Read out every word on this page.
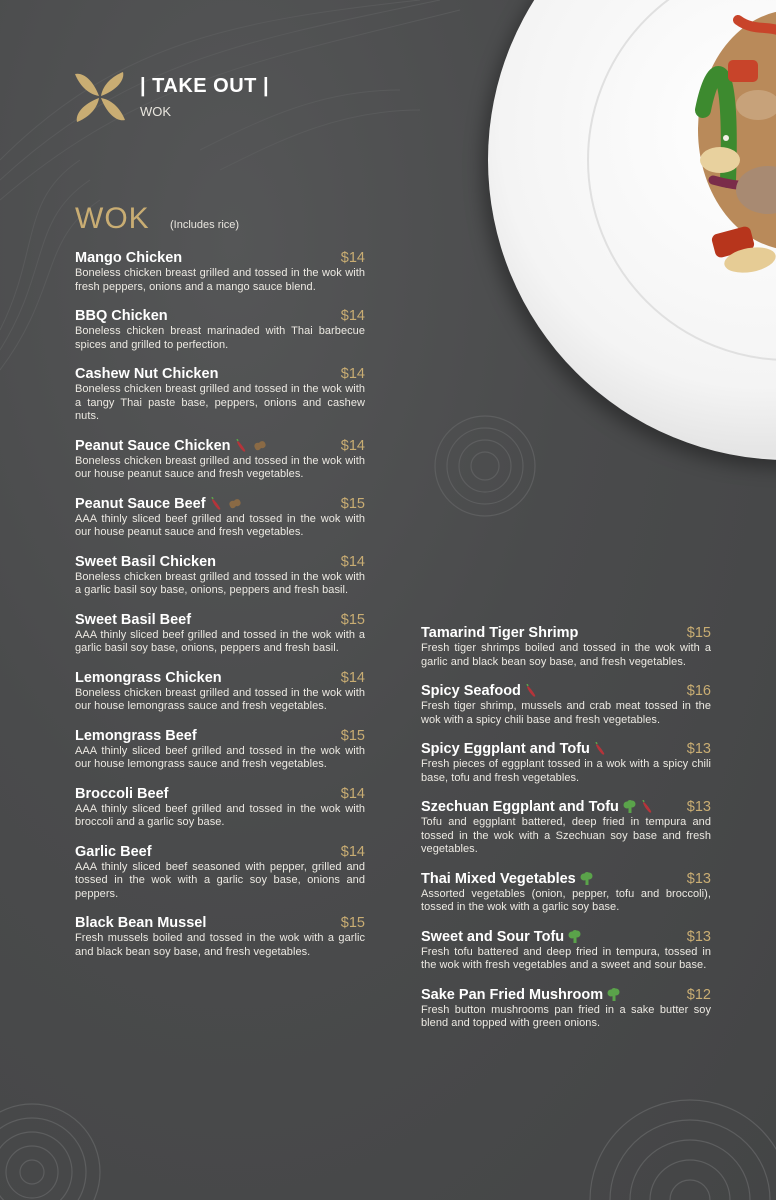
| TAKE OUT |
WOK
WOK (Includes rice)
Mango Chicken	$14
Boneless chicken breast grilled and tossed in the wok with fresh peppers, onions and a mango sauce blend.
BBQ Chicken	$14
Boneless chicken breast marinaded with Thai barbecue spices and grilled to perfection.
Cashew Nut Chicken	$14
Boneless chicken breast grilled and tossed in the wok with a tangy Thai paste base, peppers, onions and cashew nuts.
Peanut Sauce Chicken	$14
Boneless chicken breast grilled and tossed in the wok with our house peanut sauce and fresh vegetables.
Peanut Sauce Beef	$15
AAA thinly sliced beef grilled and tossed in the wok with our house peanut sauce and fresh vegetables.
Sweet Basil Chicken	$14
Boneless chicken breast grilled and tossed in the wok with a garlic basil soy base, onions, peppers and fresh basil.
Sweet Basil Beef	$15
AAA thinly sliced beef grilled and tossed in the wok with a garlic basil soy base, onions, peppers and fresh basil.
Lemongrass Chicken	$14
Boneless chicken breast grilled and tossed in the wok with our house lemongrass sauce and fresh vegetables.
Lemongrass Beef	$15
AAA thinly sliced beef grilled and tossed in the wok with our house lemongrass sauce and fresh vegetables.
Broccoli Beef	$14
AAA thinly sliced beef grilled and tossed in the wok with broccoli and a garlic soy base.
Garlic Beef	$14
AAA thinly sliced beef seasoned with pepper, grilled and tossed in the wok with a garlic soy base, onions and peppers.
Black Bean Mussel	$15
Fresh mussels boiled and tossed in the wok with a garlic and black bean soy base, and fresh vegetables.
Tamarind Tiger Shrimp	$15
Fresh tiger shrimps boiled and tossed in the wok with a garlic and black bean soy base, and fresh vegetables.
Spicy Seafood	$16
Fresh tiger shrimp, mussels and crab meat tossed in the wok with a spicy chili base and fresh vegetables.
Spicy Eggplant and Tofu	$13
Fresh pieces of eggplant tossed in a wok with a spicy chili base, tofu and fresh vegetables.
Szechuan Eggplant and Tofu	$13
Tofu and eggplant battered, deep fried in tempura and tossed in the wok with a Szechuan soy base and fresh vegetables.
Thai Mixed Vegetables	$13
Assorted vegetables (onion, pepper, tofu and broccoli), tossed in the wok with a garlic soy base.
Sweet and Sour Tofu	$13
Fresh tofu battered and deep fried in tempura, tossed in the wok with fresh vegetables and a sweet and sour base.
Sake Pan Fried Mushroom	$12
Fresh button mushrooms pan fried in a sake butter soy blend and topped with green onions.
